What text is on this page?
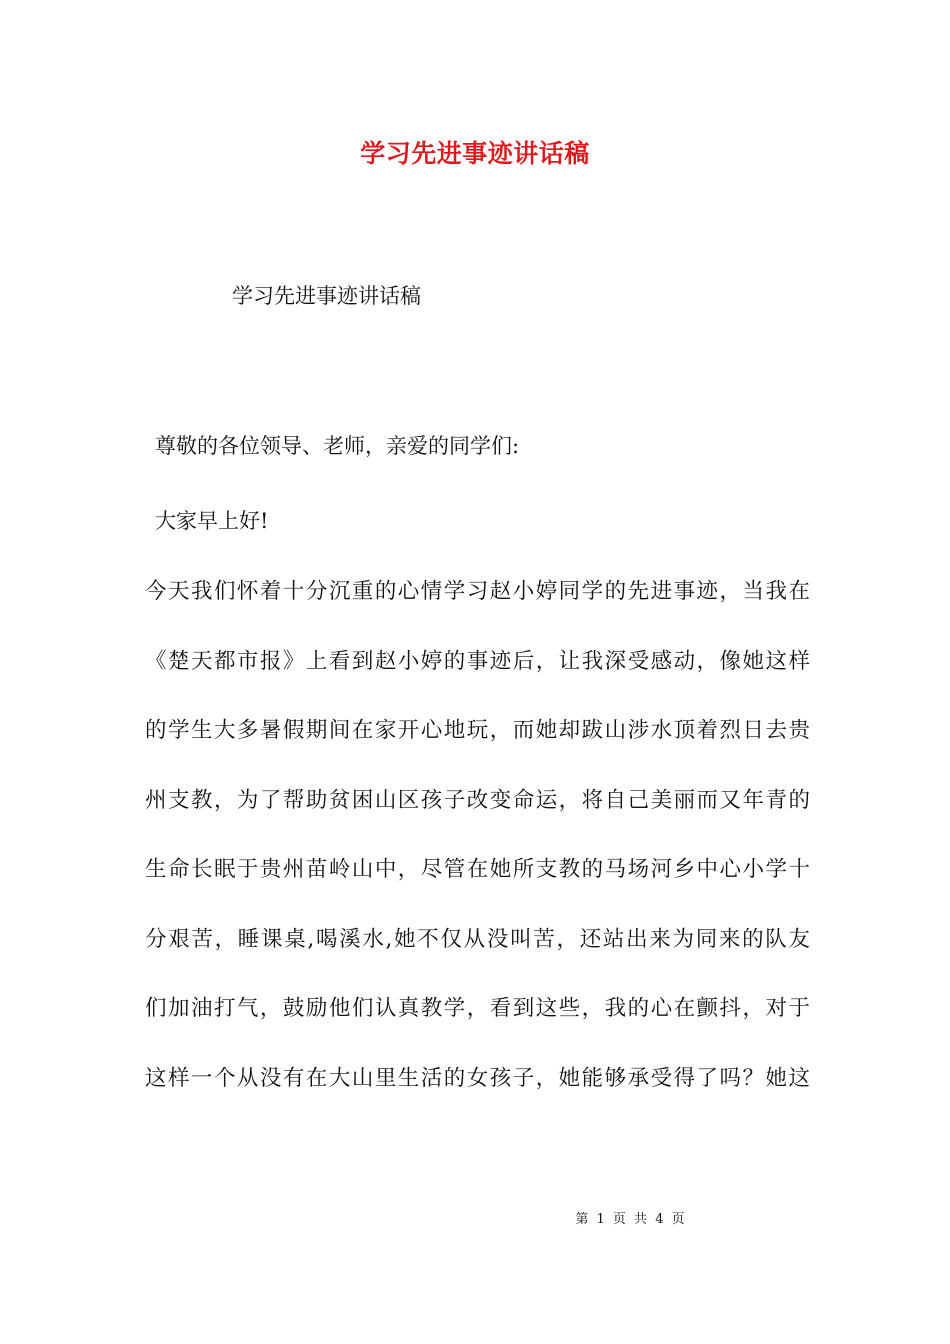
学习先进事迹讲话稿
学习先进事迹讲话稿
尊敬的各位领导、老师，亲爱的同学们:
大家早上好!
今天我们怀着十分沉重的心情学习赵小婷同学的先进事迹，当我在
《楚天都市报》上看到赵小婷的事迹后，让我深受感动，像她这样
的学生大多暑假期间在家开心地玩，而她却跋山涉水顶着烈日去贵
州支教，为了帮助贫困山区孩子改变命运，将自己美丽而又年青的
生命长眠于贵州苗岭山中，尽管在她所支教的马场河乡中心小学十
分艰苦，睡课桌,喝溪水,她不仅从没叫苦，还站出来为同来的队友
们加油打气，鼓励他们认真教学，看到这些，我的心在颤抖，对于
这样一个从没有在大山里生活的女孩子，她能够承受得了吗？她这
第 1 页 共 4 页
